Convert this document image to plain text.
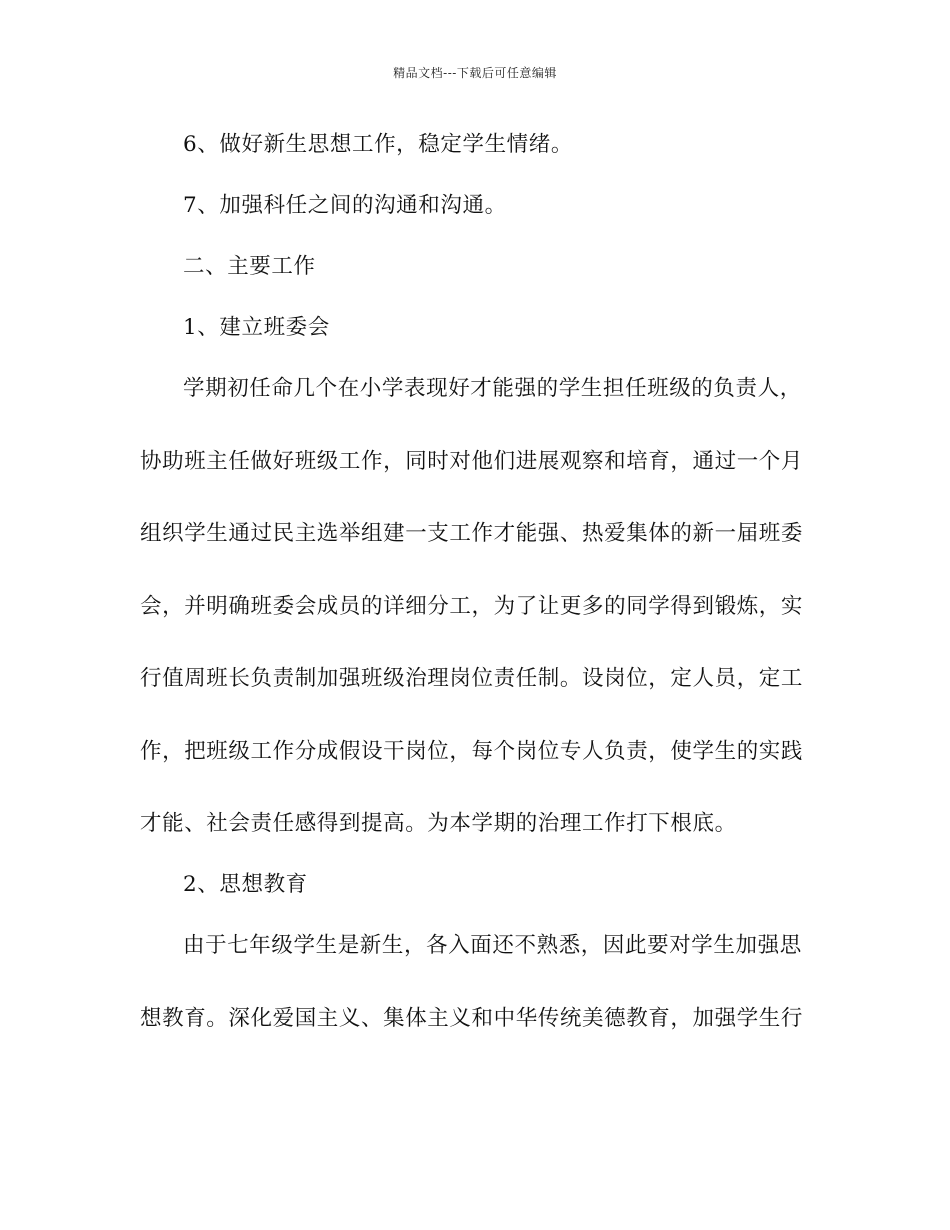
精品文档---下载后可任意编辑
6、做好新生思想工作，稳定学生情绪。
7、加强科任之间的沟通和沟通。
二、主要工作
1、建立班委会
学期初任命几个在小学表现好才能强的学生担任班级的负责人，
协助班主任做好班级工作，同时对他们进展观察和培育，通过一个月
组织学生通过民主选举组建一支工作才能强、热爱集体的新一届班委
会，并明确班委会成员的详细分工，为了让更多的同学得到锻炼，实
行值周班长负责制加强班级治理岗位责任制。设岗位，定人员，定工
作，把班级工作分成假设干岗位，每个岗位专人负责，使学生的实践
才能、社会责任感得到提高。为本学期的治理工作打下根底。
2、思想教育
由于七年级学生是新生，各入面还不熟悉，因此要对学生加强思
想教育。深化爱国主义、集体主义和中华传统美德教育，加强学生行
